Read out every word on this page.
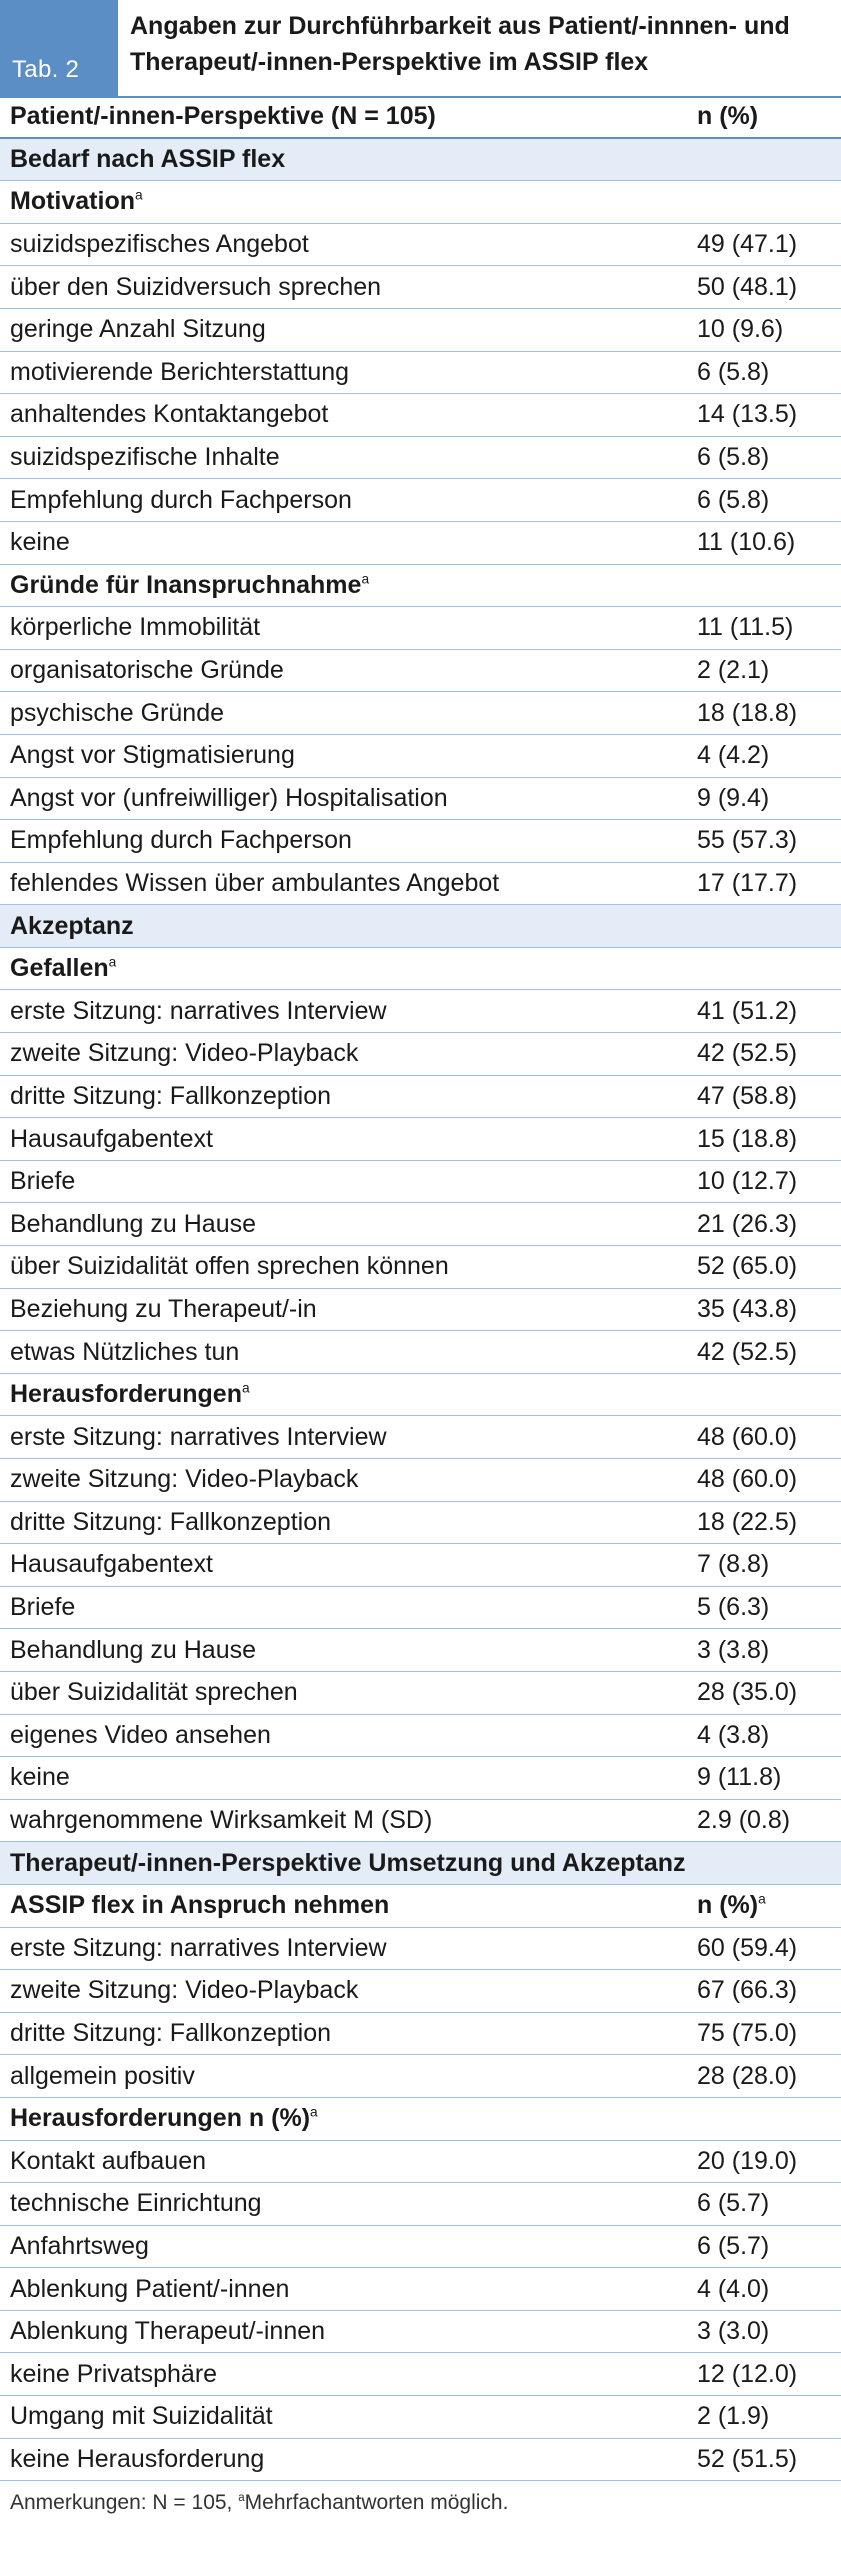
Tab. 2
Angaben zur Durchführbarkeit aus Patient/-innnen- und Therapeut/-innen-Perspektive im ASSIP flex
Patient/-innen-Perspektive (N = 105)	n (%)
Bedarf nach ASSIP flex
Motivation$^a$
suizidspezifisches Angebot	49 (47.1)
über den Suizidversuch sprechen	50 (48.1)
geringe Anzahl Sitzung	10 (9.6)
motivierende Berichterstattung	6 (5.8)
anhaltendes Kontaktangebot	14 (13.5)
suizidspezifische Inhalte	6 (5.8)
Empfehlung durch Fachperson	6 (5.8)
keine	11 (10.6)
Gründe für Inanspruchnahme$^a$
körperliche Immobilität	11 (11.5)
organisatorische Gründe	2 (2.1)
psychische Gründe	18 (18.8)
Angst vor Stigmatisierung	4 (4.2)
Angst vor (unfreiwilliger) Hospitalisation	9 (9.4)
Empfehlung durch Fachperson	55 (57.3)
fehlendes Wissen über ambulantes Angebot	17 (17.7)
Akzeptanz
Gefallen$^a$
erste Sitzung: narratives Interview	41 (51.2)
zweite Sitzung: Video-Playback	42 (52.5)
dritte Sitzung: Fallkonzeption	47 (58.8)
Hausaufgabentext	15 (18.8)
Briefe	10 (12.7)
Behandlung zu Hause	21 (26.3)
über Suizidalität offen sprechen können	52 (65.0)
Beziehung zu Therapeut/-in	35 (43.8)
etwas Nützliches tun	42 (52.5)
Herausforderungen$^a$
erste Sitzung: narratives Interview	48 (60.0)
zweite Sitzung: Video-Playback	48 (60.0)
dritte Sitzung: Fallkonzeption	18 (22.5)
Hausaufgabentext	7 (8.8)
Briefe	5 (6.3)
Behandlung zu Hause	3 (3.8)
über Suizidalität sprechen	28 (35.0)
eigenes Video ansehen	4 (3.8)
keine	9 (11.8)
wahrgenommene Wirksamkeit M (SD)	2.9 (0.8)
Therapeut/-innen-Perspektive Umsetzung und Akzeptanz
ASSIP flex in Anspruch nehmen	n (%)$^a$
erste Sitzung: narratives Interview	60 (59.4)
zweite Sitzung: Video-Playback	67 (66.3)
dritte Sitzung: Fallkonzeption	75 (75.0)
allgemein positiv	28 (28.0)
Herausforderungen n (%)$^a$
Kontakt aufbauen	20 (19.0)
technische Einrichtung	6 (5.7)
Anfahrtsweg	6 (5.7)
Ablenkung Patient/-innen	4 (4.0)
Ablenkung Therapeut/-innen	3 (3.0)
keine Privatsphäre	12 (12.0)
Umgang mit Suizidalität	2 (1.9)
keine Herausforderung	52 (51.5)
Anmerkungen: N = 105, $^a$Mehrfachantworten möglich.
